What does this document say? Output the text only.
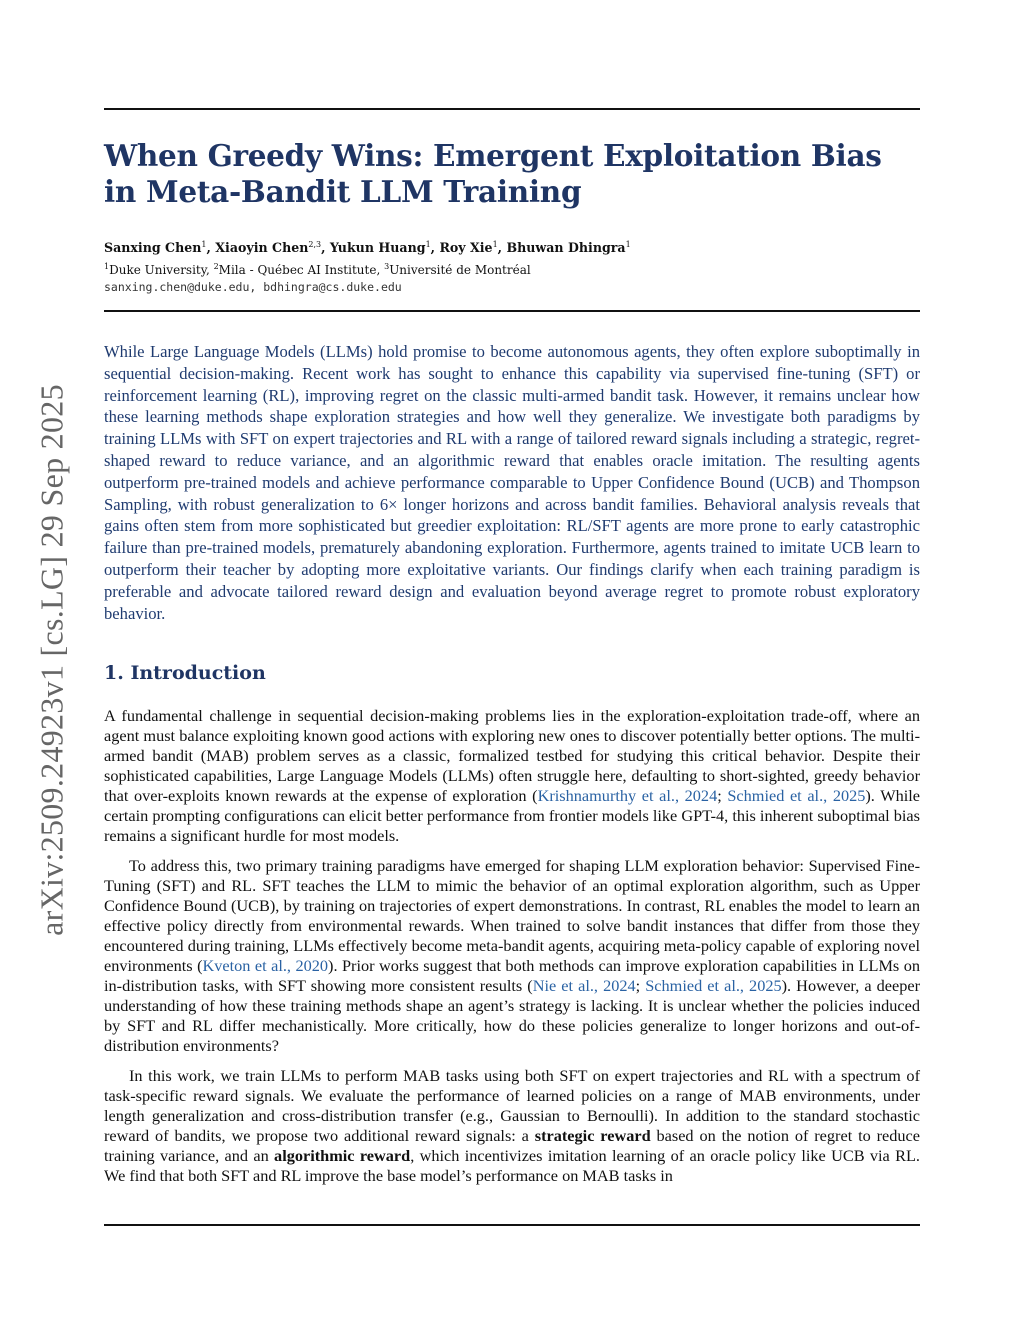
arXiv:2509.24923v1 [cs.LG] 29 Sep 2025
When Greedy Wins: Emergent Exploitation Bias in Meta-Bandit LLM Training
Sanxing Chen$^1$, Xiaoyin Chen$^{2,3}$, Yukun Huang$^1$, Roy Xie$^1$, Bhuwan Dhingra$^1$
$^1$Duke University, $^2$Mila - Québec AI Institute, $^3$Université de Montréal
sanxing.chen@duke.edu, bdhingra@cs.duke.edu

While Large Language Models (LLMs) hold promise to become autonomous agents, they often explore suboptimally in sequential decision-making. Recent work has sought to enhance this capability via supervised fine-tuning (SFT) or reinforcement learning (RL), improving regret on the classic multi-armed bandit task. However, it remains unclear how these learning methods shape exploration strategies and how well they generalize. We investigate both paradigms by training LLMs with SFT on expert trajectories and RL with a range of tailored reward signals including a strategic, regret-shaped reward to reduce variance, and an algorithmic reward that enables oracle imitation. The resulting agents outperform pre-trained models and achieve performance comparable to Upper Confidence Bound (UCB) and Thompson Sampling, with robust generalization to 6× longer horizons and across bandit families. Behavioral analysis reveals that gains often stem from more sophisticated but greedier exploitation: RL/SFT agents are more prone to early catastrophic failure than pre-trained models, prematurely abandoning exploration. Furthermore, agents trained to imitate UCB learn to outperform their teacher by adopting more exploitative variants. Our findings clarify when each training paradigm is preferable and advocate tailored reward design and evaluation beyond average regret to promote robust exploratory behavior.

1. Introduction

A fundamental challenge in sequential decision-making problems lies in the exploration-exploitation trade-off, where an agent must balance exploiting known good actions with exploring new ones to discover potentially better options. The multi-armed bandit (MAB) problem serves as a classic, formalized testbed for studying this critical behavior. Despite their sophisticated capabilities, Large Language Models (LLMs) often struggle here, defaulting to short-sighted, greedy behavior that over-exploits known rewards at the expense of exploration (Krishnamurthy et al., 2024; Schmied et al., 2025). While certain prompting configurations can elicit better performance from frontier models like GPT-4, this inherent suboptimal bias remains a significant hurdle for most models.

To address this, two primary training paradigms have emerged for shaping LLM exploration behavior: Supervised Fine-Tuning (SFT) and RL. SFT teaches the LLM to mimic the behavior of an optimal exploration algorithm, such as Upper Confidence Bound (UCB), by training on trajectories of expert demonstrations. In contrast, RL enables the model to learn an effective policy directly from environmental rewards. When trained to solve bandit instances that differ from those they encountered during training, LLMs effectively become meta-bandit agents, acquiring meta-policy capable of exploring novel environments (Kveton et al., 2020). Prior works suggest that both methods can improve exploration capabilities in LLMs on in-distribution tasks, with SFT showing more consistent results (Nie et al., 2024; Schmied et al., 2025). However, a deeper understanding of how these training methods shape an agent’s strategy is lacking. It is unclear whether the policies induced by SFT and RL differ mechanistically. More critically, how do these policies generalize to longer horizons and out-of-distribution environments?

In this work, we train LLMs to perform MAB tasks using both SFT on expert trajectories and RL with a spectrum of task-specific reward signals. We evaluate the performance of learned policies on a range of MAB environments, under length generalization and cross-distribution transfer (e.g., Gaussian to Bernoulli). In addition to the standard stochastic reward of bandits, we propose two additional reward signals: a strategic reward based on the notion of regret to reduce training variance, and an algorithmic reward, which incentivizes imitation learning of an oracle policy like UCB via RL. We find that both SFT and RL improve the base model’s performance on MAB tasks in
